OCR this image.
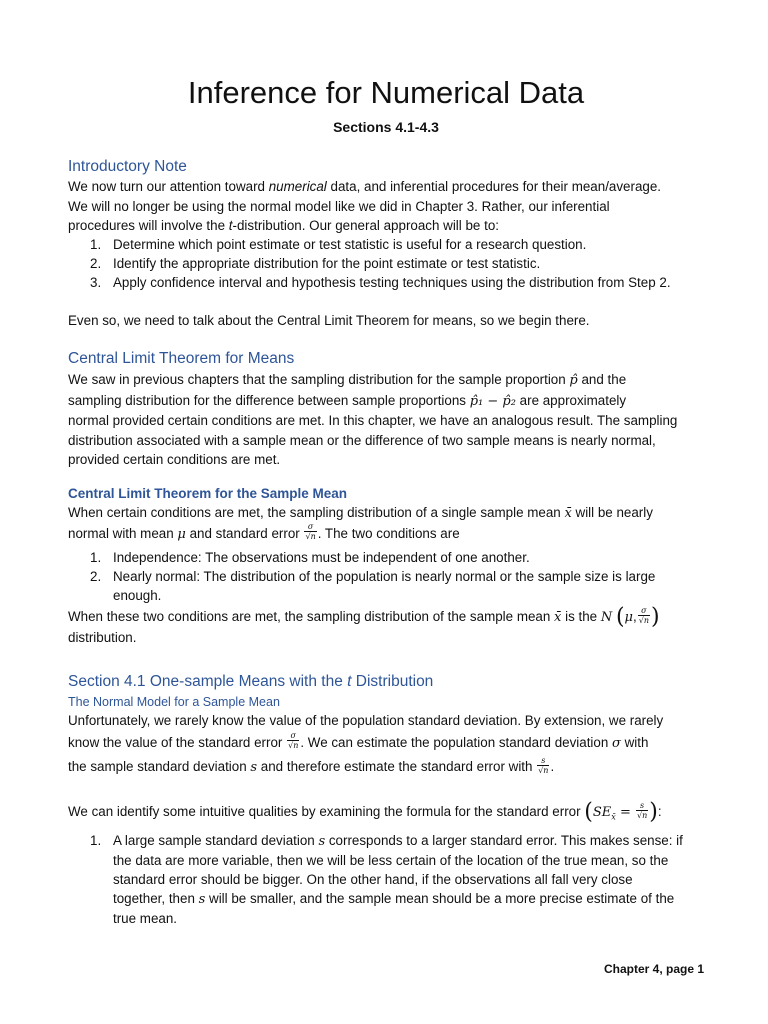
Inference for Numerical Data
Sections 4.1-4.3
Introductory Note
We now turn our attention toward numerical data, and inferential procedures for their mean/average.
We will no longer be using the normal model like we did in Chapter 3. Rather, our inferential
procedures will involve the t-distribution. Our general approach will be to:
1. Determine which point estimate or test statistic is useful for a research question.
2. Identify the appropriate distribution for the point estimate or test statistic.
3. Apply confidence interval and hypothesis testing techniques using the distribution from Step 2.
Even so, we need to talk about the Central Limit Theorem for means, so we begin there.
Central Limit Theorem for Means
We saw in previous chapters that the sampling distribution for the sample proportion p̂ and the
sampling distribution for the difference between sample proportions p̂₁ − p̂₂ are approximately
normal provided certain conditions are met. In this chapter, we have an analogous result. The sampling
distribution associated with a sample mean or the difference of two sample means is nearly normal,
provided certain conditions are met.
Central Limit Theorem for the Sample Mean
When certain conditions are met, the sampling distribution of a single sample mean x̄ will be nearly
normal with mean μ and standard error $\frac{\sigma}{√n}$ . The two conditions are
1. Independence: The observations must be independent of one another.
2. Nearly normal: The distribution of the population is nearly normal or the sample size is large
enough.
When these two conditions are met, the sampling distribution of the sample mean x̄ is the N (μ, $\frac{\sigma}{√n}$ )
distribution.
Section 4.1 One-sample Means with the t Distribution
The Normal Model for a Sample Mean
Unfortunately, we rarely know the value of the population standard deviation. By extension, we rarely
know the value of the standard error $\frac{\sigma}{√n}$ . We can estimate the population standard deviation σ with
the sample standard deviation s and therefore estimate the standard error with $\frac{s}{√n}$ .
We can identify some intuitive qualities by examining the formula for the standard error ($SE_{x̄} = \frac{s}{√n}$ ):
1. A large sample standard deviation s corresponds to a larger standard error. This makes sense: if
the data are more variable, then we will be less certain of the location of the true mean, so the
standard error should be bigger. On the other hand, if the observations all fall very close
together, then s will be smaller, and the sample mean should be a more precise estimate of the
true mean.
Chapter 4, page 1
